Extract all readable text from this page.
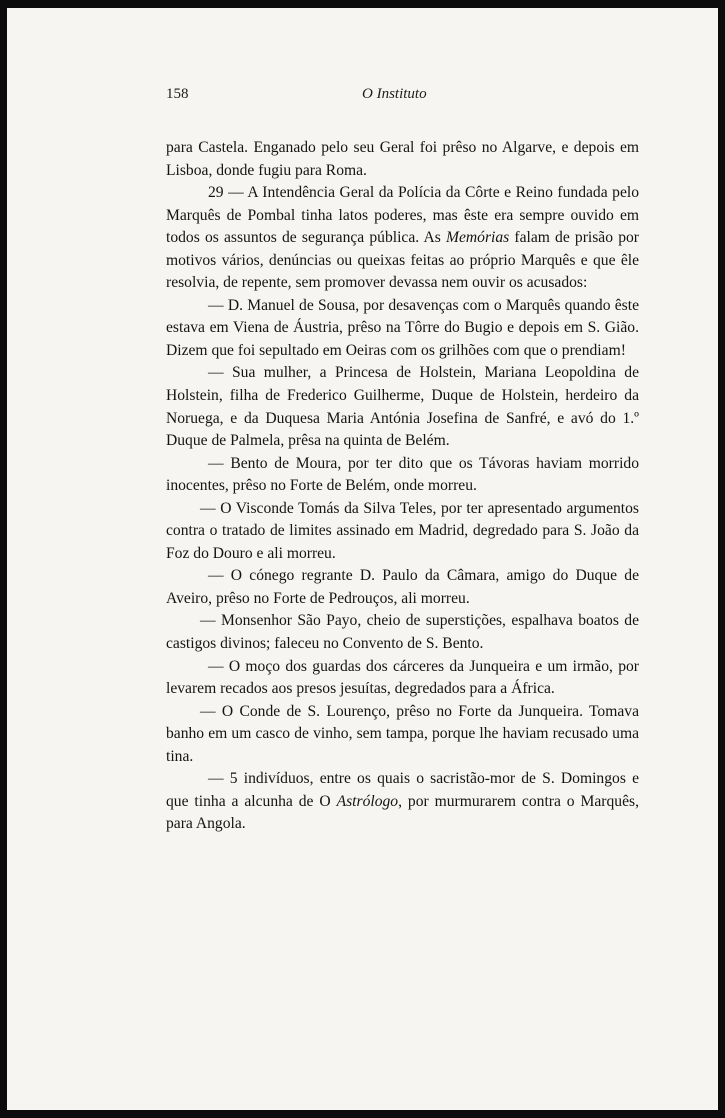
158	O Instituto

para Castela. Enganado pelo seu Geral foi prêso no Algarve, e depois em Lisboa, donde fugiu para Roma.

29 — A Intendência Geral da Polícia da Côrte e Reino fundada pelo Marquês de Pombal tinha latos poderes, mas êste era sempre ouvido em todos os assuntos de segurança pública. As Memórias falam de prisão por motivos vários, denúncias ou queixas feitas ao próprio Marquês e que êle resolvia, de repente, sem promover devassa nem ouvir os acusados:

— D. Manuel de Sousa, por desavenças com o Marquês quando êste estava em Viena de Áustria, prêso na Tôrre do Bugio e depois em S. Gião. Dizem que foi sepultado em Oeiras com os grilhões com que o prendiam!

— Sua mulher, a Princesa de Holstein, Mariana Leopoldina de Holstein, filha de Frederico Guilherme, Duque de Holstein, herdeiro da Noruega, e da Duquesa Maria Antónia Josefina de Sanfré, e avó do 1.º Duque de Palmela, prêsa na quinta de Belém.

— Bento de Moura, por ter dito que os Távoras haviam morrido inocentes, prêso no Forte de Belém, onde morreu.

— O Visconde Tomás da Silva Teles, por ter apresentado argumentos contra o tratado de limites assinado em Madrid, degredado para S. João da Foz do Douro e ali morreu.

— O cónego regrante D. Paulo da Câmara, amigo do Duque de Aveiro, prêso no Forte de Pedrouços, ali morreu.

— Monsenhor São Payo, cheio de superstições, espalhava boatos de castigos divinos; faleceu no Convento de S. Bento.

— O moço dos guardas dos cárceres da Junqueira e um irmão, por levarem recados aos presos jesuítas, degredados para a África.

— O Conde de S. Lourenço, prêso no Forte da Junqueira. Tomava banho em um casco de vinho, sem tampa, porque lhe haviam recusado uma tina.

— 5 indivíduos, entre os quais o sacristão-mor de S. Domingos e que tinha a alcunha de O Astrólogo, por murmurarem contra o Marquês, para Angola.
